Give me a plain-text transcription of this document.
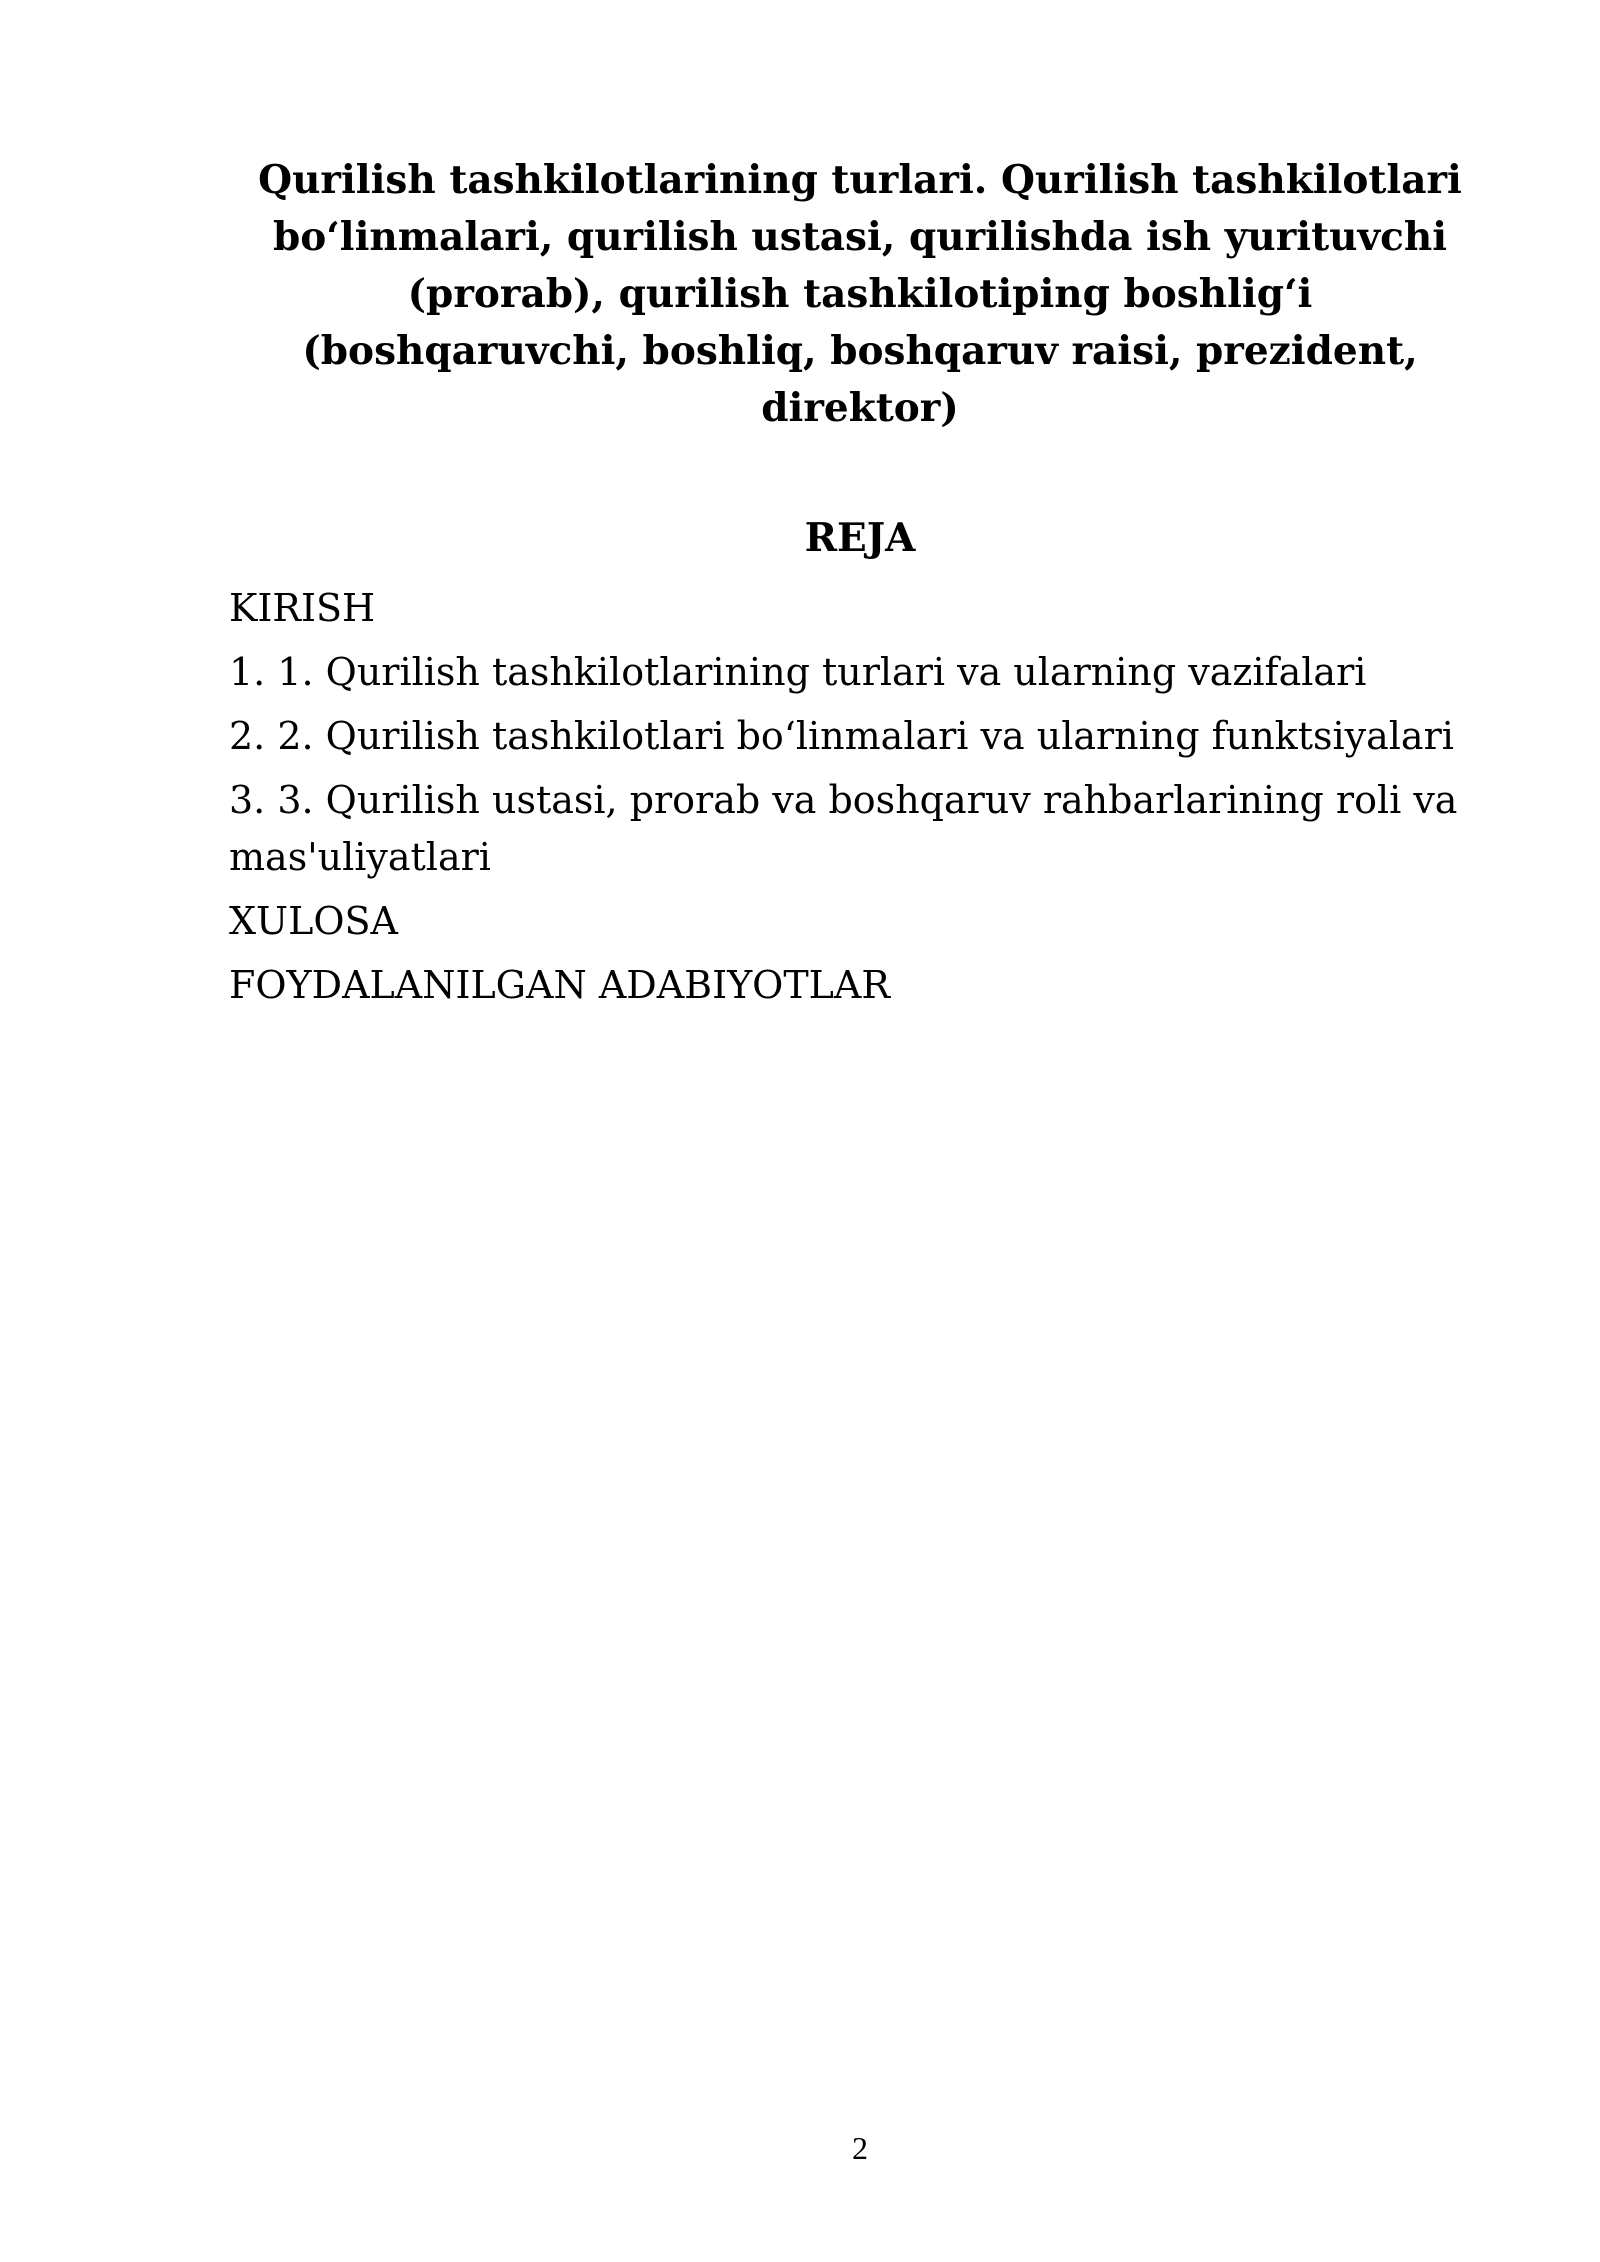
Qurilish tashkilotlarining turlari. Qurilish tashkilotlari bo‘linmalari, qurilish ustasi, qurilishda ish yurituvchi (prorab), qurilish tashkilotiping boshlig‘i (boshqaruvchi, boshliq, boshqaruv raisi, prezident, direktor)
REJA
KIRISH
1. 1. Qurilish tashkilotlarining turlari va ularning vazifalari
2. 2. Qurilish tashkilotlari bo‘linmalari va ularning funktsiyalari
3. 3. Qurilish ustasi, prorab va boshqaruv rahbarlarining roli va mas'uliyatlari
XULOSA
FOYDALANILGAN ADABIYOTLAR
2
